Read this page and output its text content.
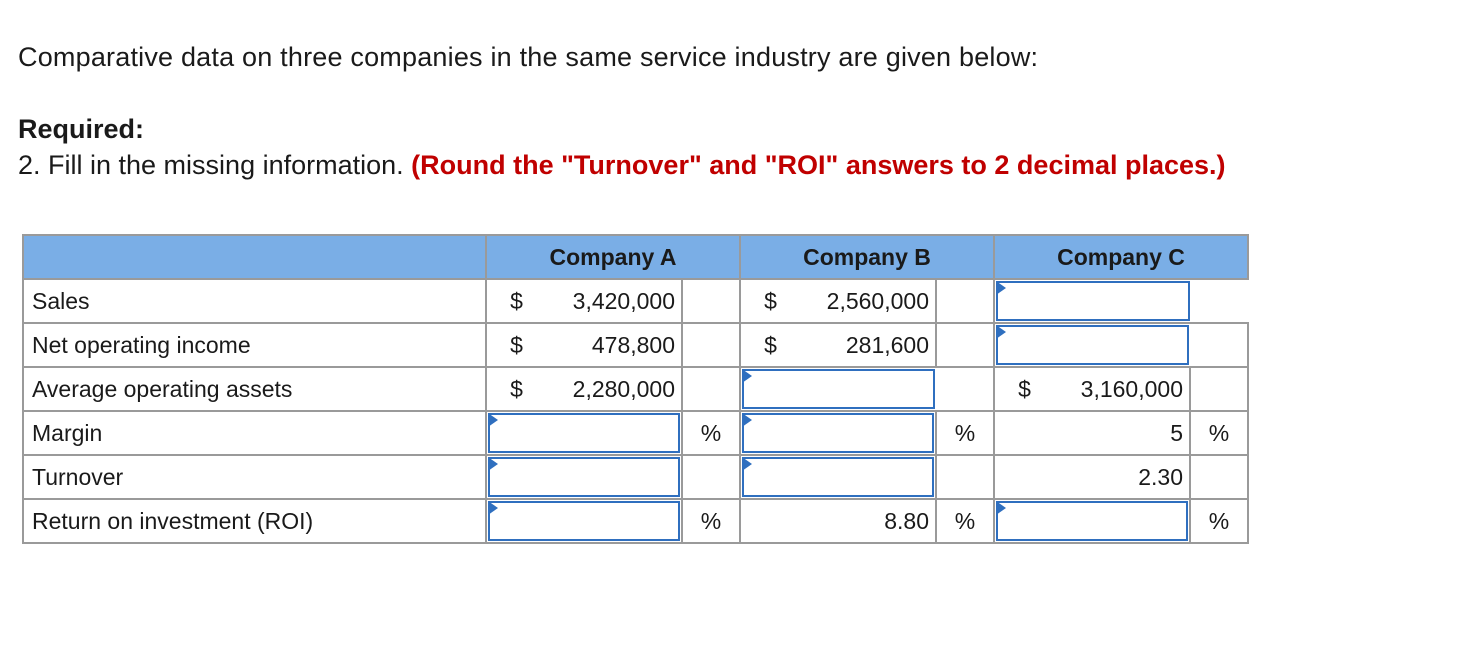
Comparative data on three companies in the same service industry are given below:
Required:
2. Fill in the missing information. (Round the "Turnover" and "ROI" answers to 2 decimal places.)
	Company A			Company B			Company C		
Sales	$	3,420,000		$	2,560,000				

Net operating income	$	478,800		$	281,600				

Average operating assets	$	2,280,000					$	3,160,000	
Margin			%			%	5		%
Turnover							2.30		
Return on investment (ROI)			%	8.80		%			%
